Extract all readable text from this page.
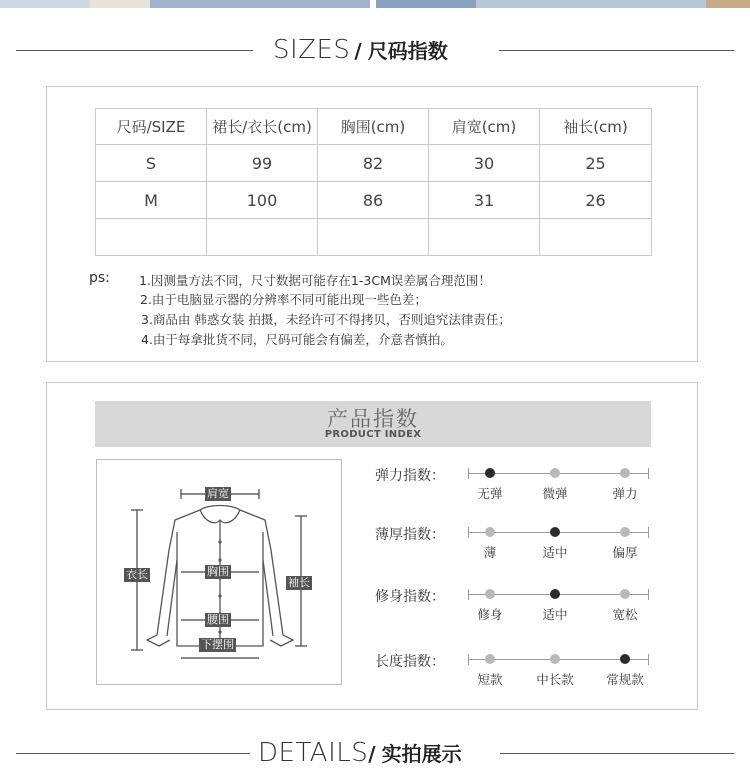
SIZES / 尺码指数
尺码/SIZE	裙长/衣长(cm)	胸围(cm)	肩宽(cm)	袖长(cm)
S	99	82	30	25
M	100	86	31	26

ps: 1.因测量方法不同，尺寸数据可能存在1-3CM误差属合理范围！
2.由于电脑显示器的分辨率不同可能出现一些色差；
3.商品由 韩惑女装 拍摄，未经许可不得拷贝，否则追究法律责任；
4.由于每拿批货不同，尺码可能会有偏差，介意者慎拍。
产品指数
PRODUCT INDEX
肩宽
衣长	胸围
袖长
腰围
下摆围
弹力指数：
无弹	微弹	弹力
薄厚指数：
薄	适中	偏厚
修身指数：
修身	适中	宽松
长度指数：
短款	中长款	常规款
DETAILS/ 实拍展示
